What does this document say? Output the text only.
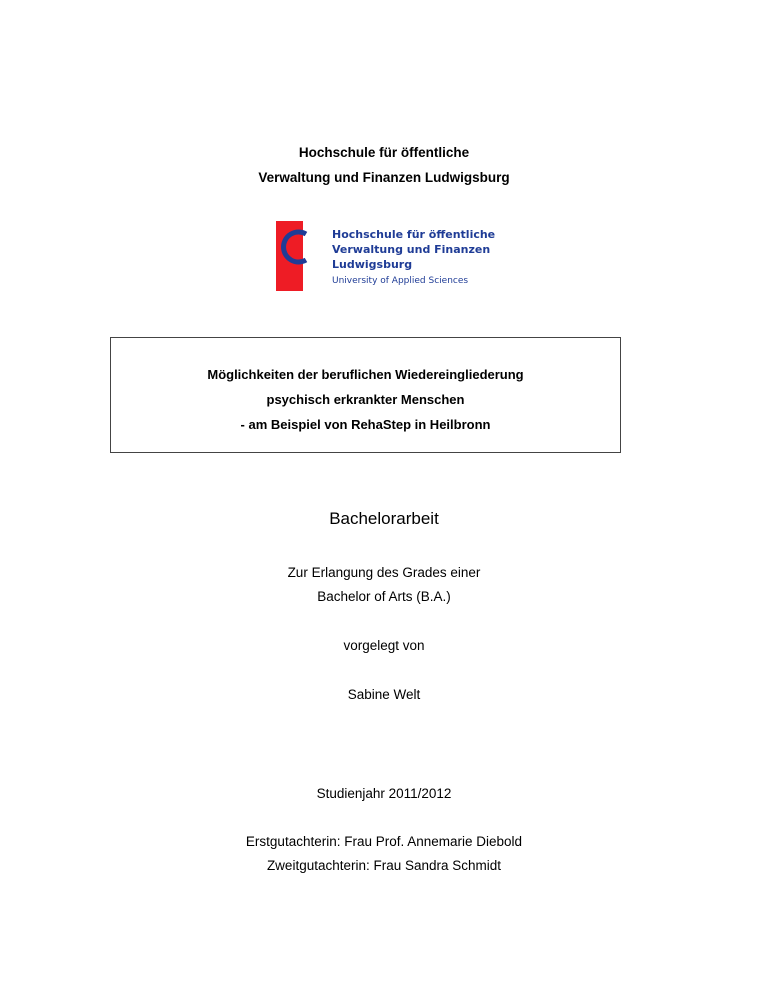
Hochschule für öffentliche
Verwaltung und Finanzen Ludwigsburg
Hochschule für öffentliche
Verwaltung und Finanzen
Ludwigsburg
University of Applied Sciences
Möglichkeiten der beruflichen Wiedereingliederung
psychisch erkrankter Menschen
- am Beispiel von RehaStep in Heilbronn
Bachelorarbeit
Zur Erlangung des Grades einer
Bachelor of Arts (B.A.)
vorgelegt von
Sabine Welt
Studienjahr 2011/2012
Erstgutachterin: Frau Prof. Annemarie Diebold
Zweitgutachterin: Frau Sandra Schmidt
